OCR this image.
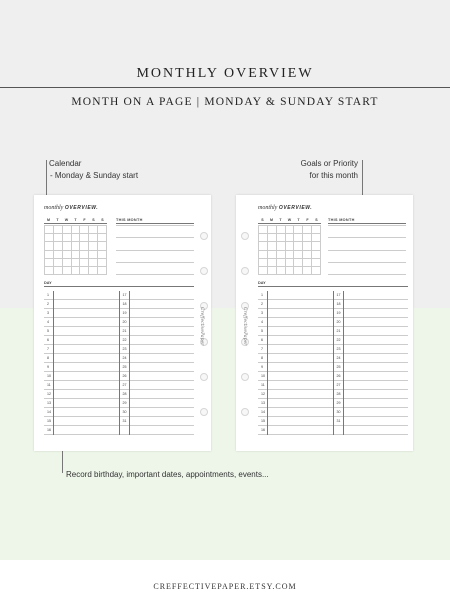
MONTHLY OVERVIEW
MONTH ON A PAGE | MONDAY & SUNDAY START
Calendar
- Monday & Sunday start
Goals or Priority
for this month
Record birthday, important dates, appointments, events...
monthly OVERVIEW.
M	T	W	T	F	S	S	THIS MONTH
DAY
1
2
3
4
5
6
7
8
9
10
11
12
13
14
15
16
17
18
19
20
21
22
23
24
25
26
27
28
29
30
31
CreffectivePaper
monthly OVERVIEW.
S	M	T	W	T	F	S	THIS MONTH
DAY
1
2
3
4
5
6
7
8
9
10
11
12
13
14
15
16
17
18
19
20
21
22
23
24
25
26
27
28
29
30
31
CreffectivePaper
CREFFECTIVEPAPER.ETSY.COM
